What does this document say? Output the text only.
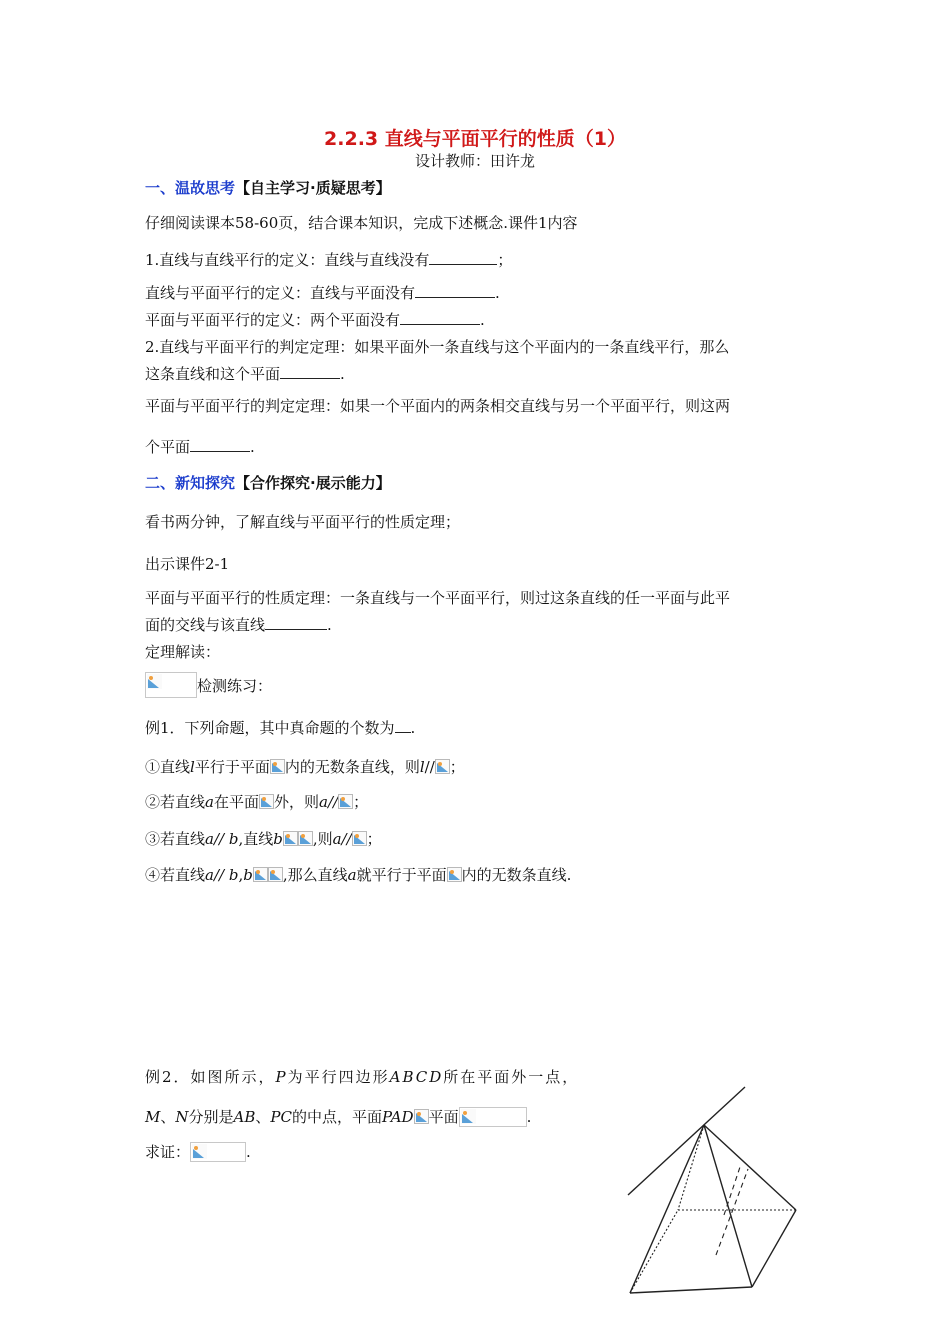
2.2.3 直线与平面平行的性质（1）
设计教师：田许龙
一、温故思考【自主学习·质疑思考】
仔细阅读课本58-60页，结合课本知识，完成下述概念.课件1内容
1.直线与直线平行的定义：直线与直线没有	；
直线与平面平行的定义：直线与平面没有	.
平面与平面平行的定义：两个平面没有	.
2.直线与平面平行的判定定理：如果平面外一条直线与这个平面内的一条直线平行，那么
这条直线和这个平面	.
平面与平面平行的判定定理：如果一个平面内的两条相交直线与另一个平面平行，则这两
个平面	.
二、新知探究【合作探究·展示能力】
看书两分钟，了解直线与平面平行的性质定理；
出示课件2-1
平面与平面平行的性质定理：一条直线与一个平面平行，则过这条直线的任一平面与此平
面的交线与该直线	.
定理解读：
检测练习：
例1．下列命题，其中真命题的个数为 .
①直线l平行于平面 内的无数条直线，则l// ；
②若直线a在平面 外，则a// ；
③若直线a// b,直线b ,则a// ；
④若直线a// b,b ,那么直线a就平行于平面 内的无数条直线.
例2．如图所示，P为平行四边形ABCD所在平面外一点，
M、N分别是AB、PC的中点，平面PAD 平面	.
求证：	.
